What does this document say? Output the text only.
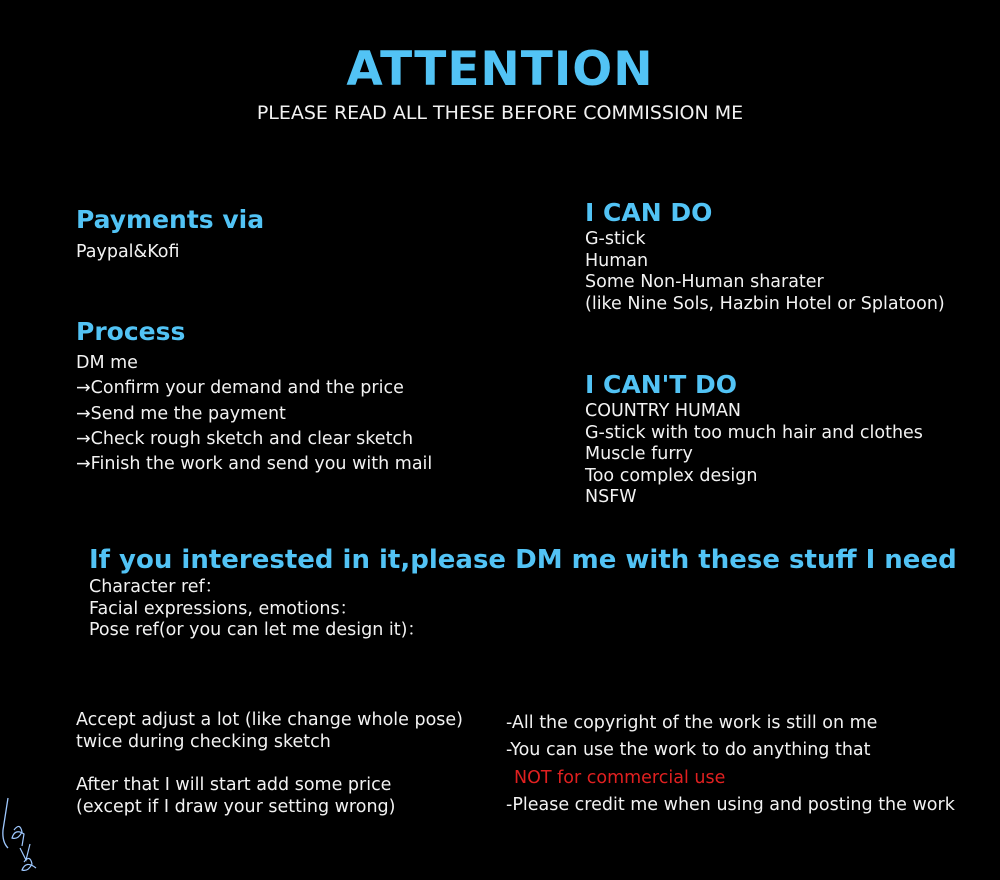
ATTENTION
PLEASE READ ALL THESE BEFORE COMMISSION ME
Payments via
Paypal&Kofi
Process
DM me
→Confirm your demand and the price
→Send me the payment
→Check rough sketch and clear sketch
→Finish the work and send you with mail
I CAN DO
G-stick
Human
Some Non-Human sharater
(like Nine Sols, Hazbin Hotel or Splatoon)
I CAN'T DO
COUNTRY HUMAN
G-stick with too much hair and clothes
Muscle furry
Too complex design
NSFW
If you interested in it,please DM me with these stuff I need
Character ref：
Facial expressions, emotions：
Pose ref(or you can let me design it)：
Accept adjust a lot (like change whole pose)
twice during checking sketch
After that I will start add some price
(except if I draw your setting wrong)
-All the copyright of the work is still on me
-You can use the work to do anything that
NOT for commercial use
-Please credit me when using and posting the work
